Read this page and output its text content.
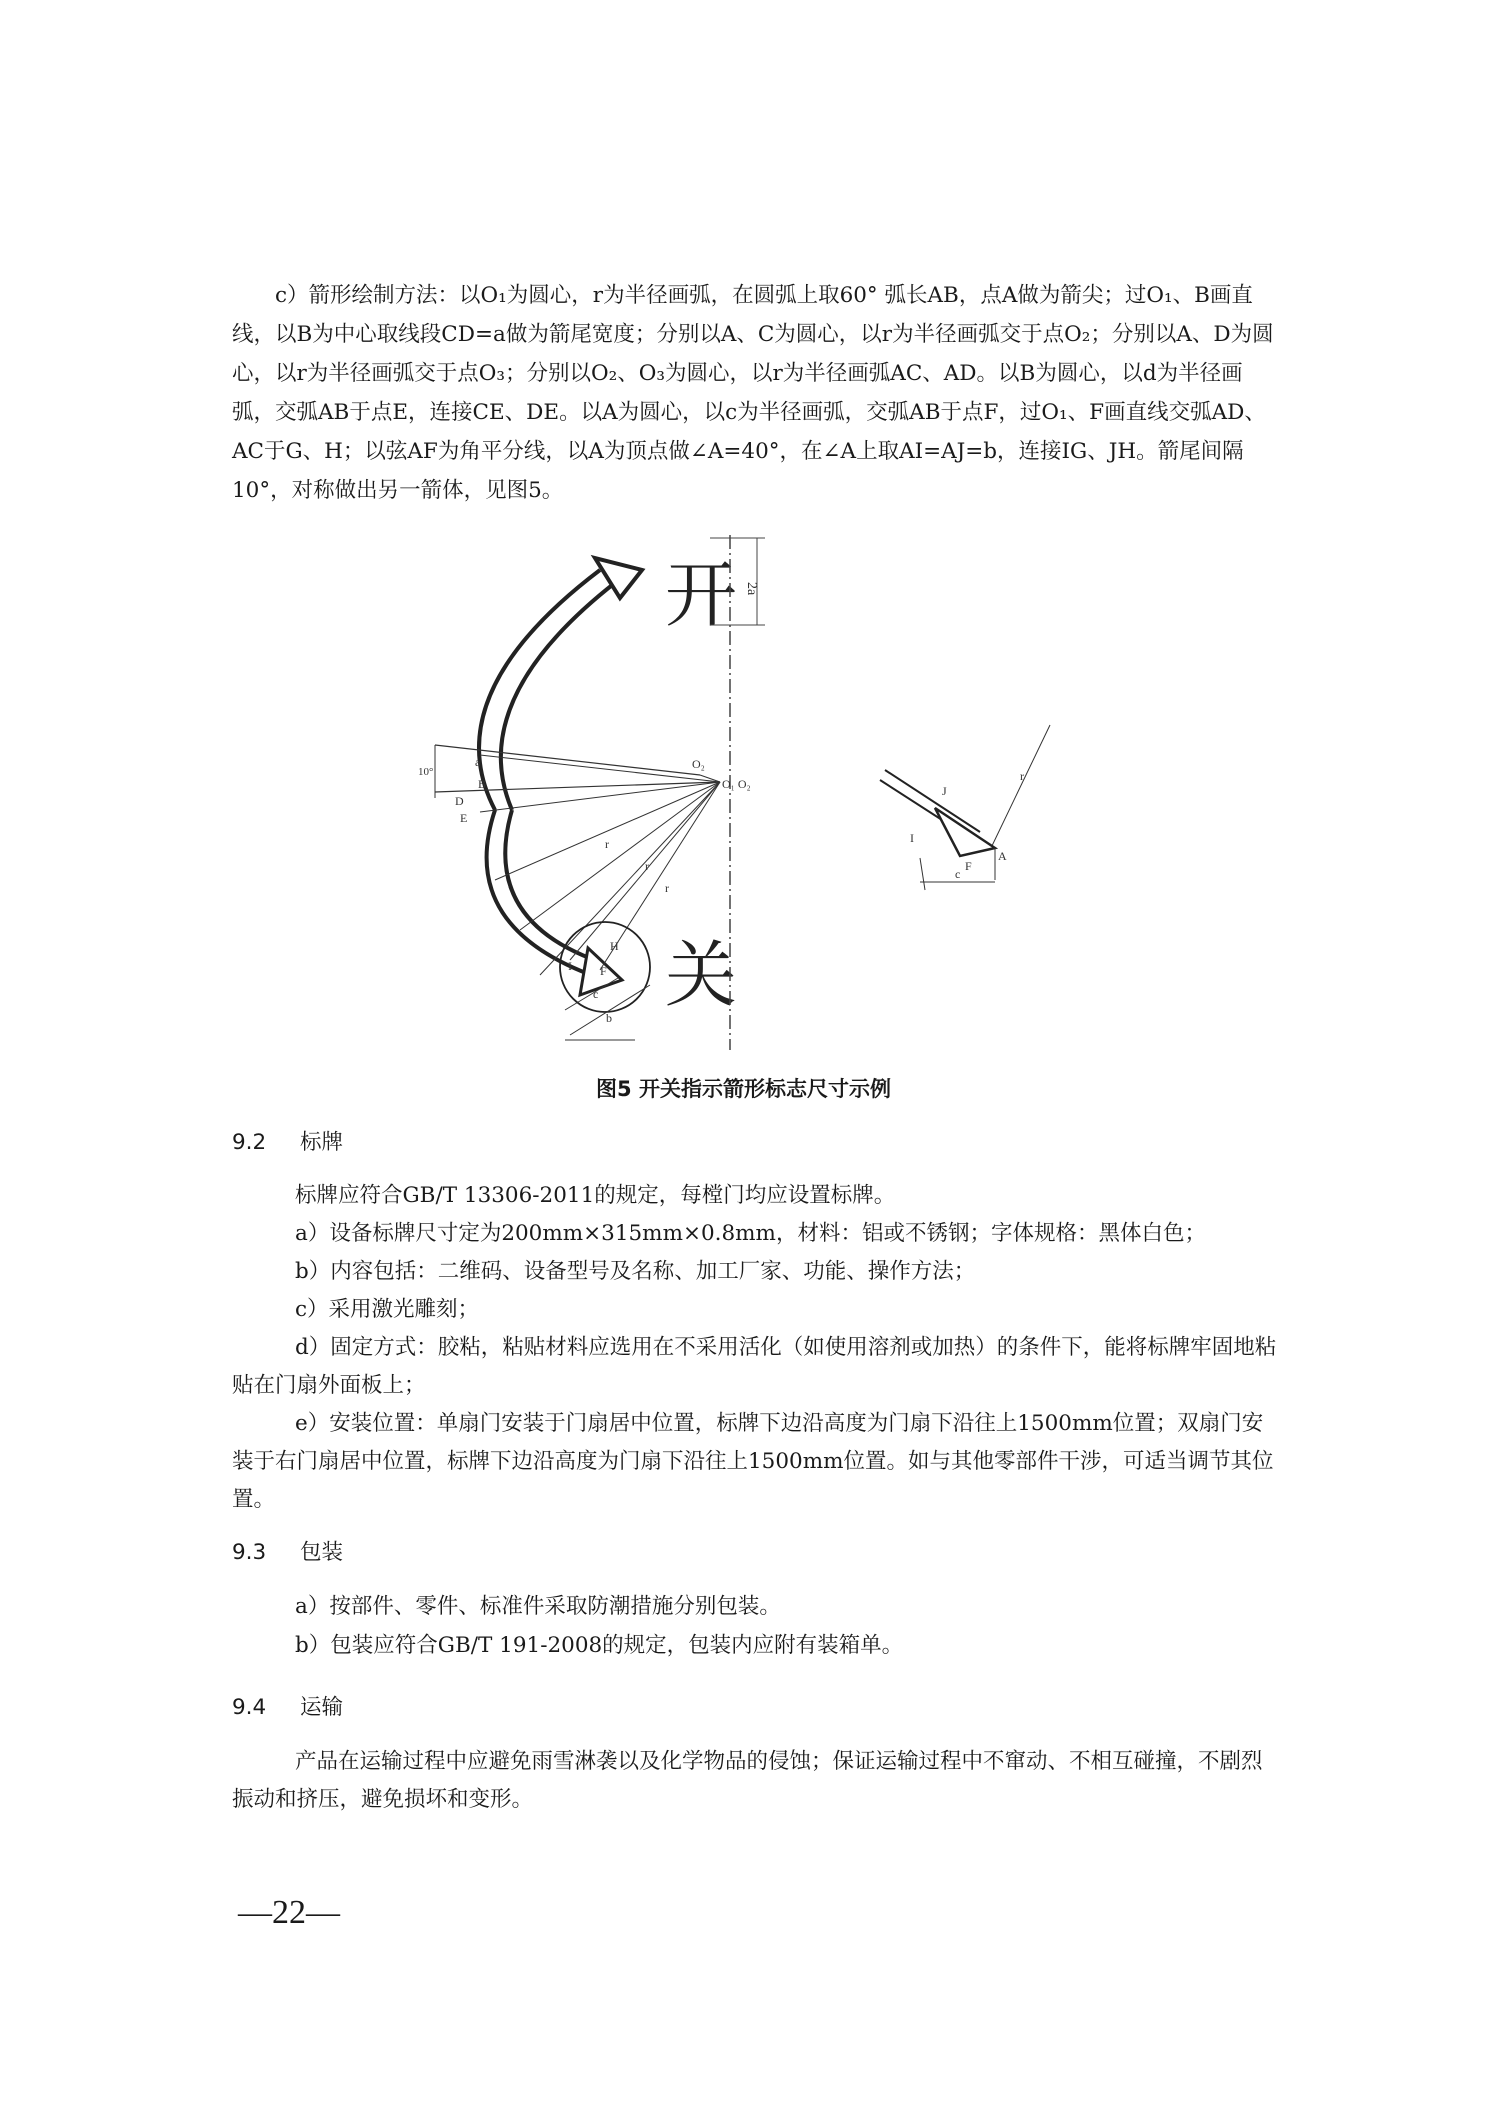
c）箭形绘制方法：以O₁为圆心，r为半径画弧，在圆弧上取60° 弧长AB，点A做为箭尖；过O₁、B画直线，以B为中心取线段CD=a做为箭尾宽度；分别以A、C为圆心，以r为半径画弧交于点O₂；分别以A、D为圆心，以r为半径画弧交于点O₃；分别以O₂、O₃为圆心，以r为半径画弧AC、AD。以B为圆心，以d为半径画弧，交弧AB于点E，连接CE、DE。以A为圆心，以c为半径画弧，交弧AB于点F，过O₁、F画直线交弧AD、AC于G、H；以弦AF为角平分线，以A为顶点做∠A=40°，在∠A上取AI=AJ=b，连接IG、JH。箭尾间隔10°，对称做出另一箭体，见图5。

开
关
2a
10°
O₂
O₁ O₂
a
B
D
E
r
r
r
I
H
F
c
b
J
I
F
A
c
r
图5 开关指示箭形标志尺寸示例
9.2 标牌
标牌应符合GB/T 13306-2011的规定，每樘门均应设置标牌。
a）设备标牌尺寸定为200mm×315mm×0.8mm，材料：铝或不锈钢；字体规格：黑体白色；
b）内容包括：二维码、设备型号及名称、加工厂家、功能、操作方法；
c）采用激光雕刻；

d）固定方式：胶粘，粘贴材料应选用在不采用活化（如使用溶剂或加热）的条件下，能将标牌牢固地粘贴在门扇外面板上；

e）安装位置：单扇门安装于门扇居中位置，标牌下边沿高度为门扇下沿往上1500mm位置；双扇门安装于右门扇居中位置，标牌下边沿高度为门扇下沿往上1500mm位置。如与其他零部件干涉，可适当调节其位置。

9.3 包装
a）按部件、零件、标准件采取防潮措施分别包装。
b）包装应符合GB/T 191-2008的规定，包装内应附有装箱单。
9.4 运输

产品在运输过程中应避免雨雪淋袭以及化学物品的侵蚀；保证运输过程中不窜动、不相互碰撞，不剧烈振动和挤压，避免损坏和变形。

—22—
